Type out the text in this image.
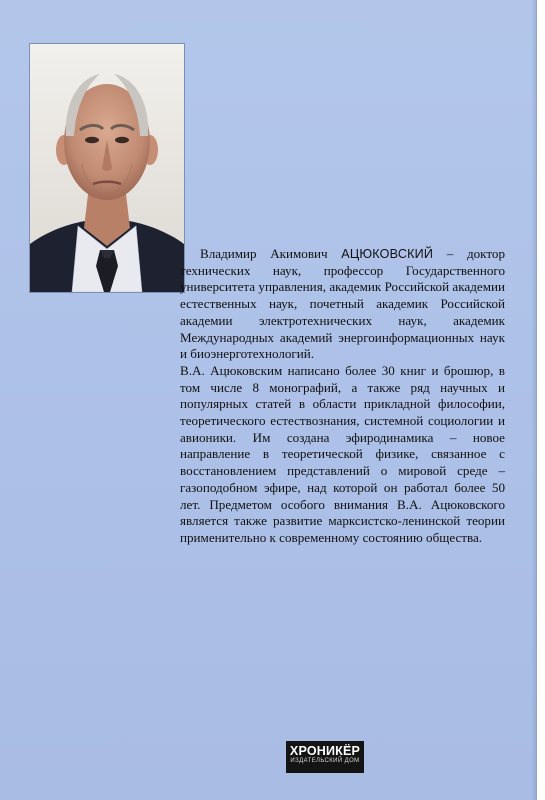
Владимир Акимович АЦЮКОВСКИЙ – доктор технических наук, профессор Государственного университета управления, академик Российской академии естественных наук, почетный академик Российской академии электротехнических наук, академик Международных академий энергоинформационных наук и биоэнерготехнологий.

В.А. Ацюковским написано более 30 книг и брошюр, в том числе 8 монографий, а также ряд научных и популярных статей в области прикладной философии, теоретического естествознания, системной социологии и авионики. Им создана эфиродинамика – новое направление в теоретической физике, связанное с восстановлением представлений о мировой среде – газоподобном эфире, над которой он работал более 50 лет. Предметом особого внимания В.А. Ацюковского является также развитие марксистско-ленинской теории применительно к современному состоянию общества.

ХРОНИКЁР
ИЗДАТЕЛЬСКИЙ ДОМ
